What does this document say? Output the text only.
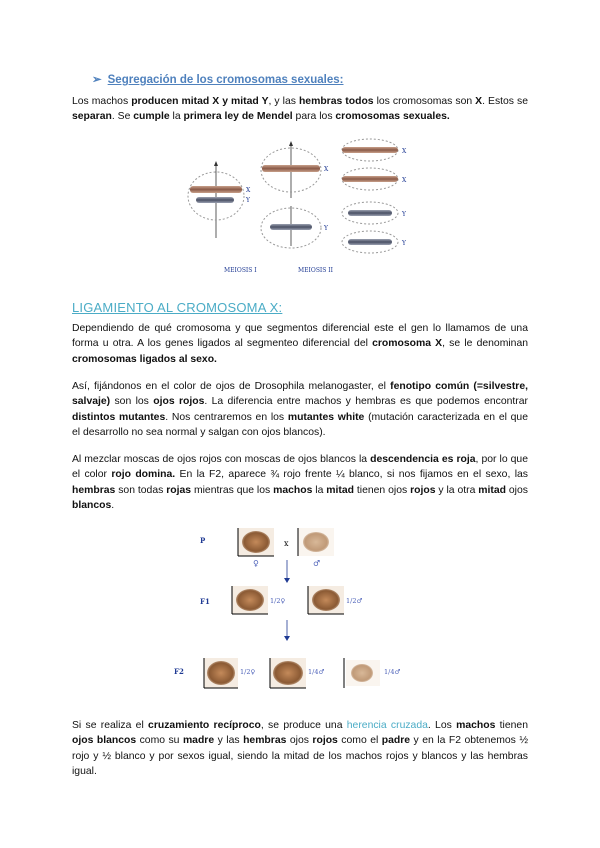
➢ Segregación de los cromosomas sexuales:

Los machos producen mitad X y mitad Y, y las hembras todos los cromosomas son X. Estos se separan. Se cumple la primera ley de Mendel para los cromosomas sexuales.

X
Y
X
Y
X
X
Y
Y
MEIOSIS I	MEIOSIS II
LIGAMIENTO AL CROMOSOMA X:

Dependiendo de qué cromosoma y que segmentos diferencial este el gen lo llamamos de una forma u otra. A los genes ligados al segmenteo diferencial del cromosoma X, se le denominan cromosomas ligados al sexo.

Así, fijándonos en el color de ojos de Drosophila melanogaster, el fenotipo común (=silvestre, salvaje) son los ojos rojos. La diferencia entre machos y hembras es que podemos encontrar distintos mutantes. Nos centraremos en los mutantes white (mutación caracterizada en el que el desarrollo no sea normal y salgan con ojos blancos).

Al mezclar moscas de ojos rojos con moscas de ojos blancos la descendencia es roja, por lo que el color rojo domina. En la F2, aparece ¾ rojo frente ¼ blanco, si nos fijamos en el sexo, las hembras son todas rojas mientras que los machos la mitad tienen ojos rojos y la otra mitad ojos blancos.

P	x
♀	♂
F1	1/2♀	1/2♂
F2	1/2♀	1/4♂	1/4♂

Si se realiza el cruzamiento recíproco, se produce una herencia cruzada. Los machos tienen ojos blancos como su madre y las hembras ojos rojos como el padre y en la F2 obtenemos ½ rojo y ½ blanco y por sexos igual, siendo la mitad de los machos rojos y blancos y las hembras igual.
